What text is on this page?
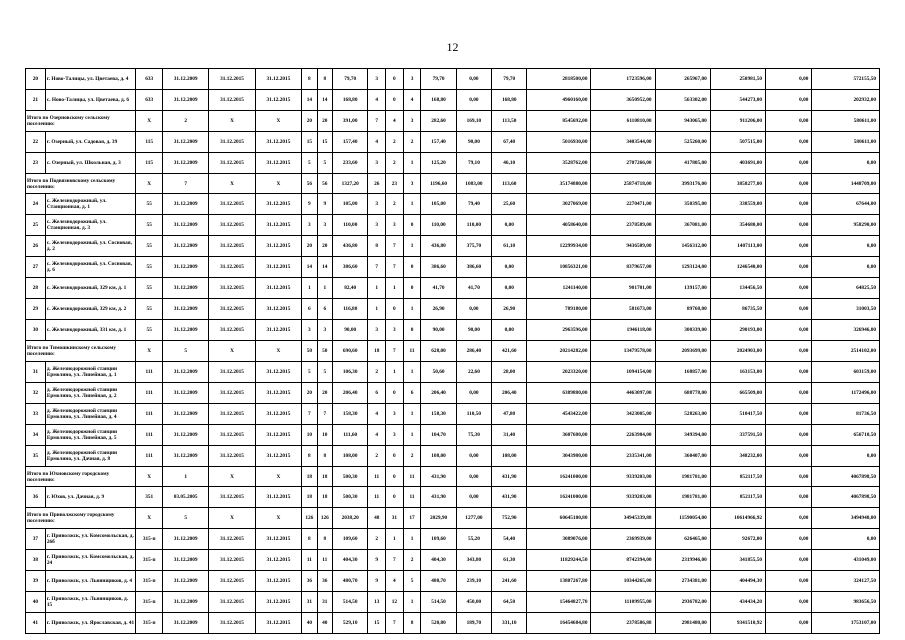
12
20	г. Ново-Талицы, ул. Цветаева, д. 4	633	31.12.2009	31.12.2015	31.12.2015	8	8	79,70	3	0	3	79,70	0,00	79,70	2818500,00	1723596,00	265967,00	250981,50	0,00	572155,50
21	с. Ново-Талицы, ул. Цветаева, д. 6	633	31.12.2009	31.12.2015	31.12.2015	14	14	168,80	4	0	4	168,80	0,00	168,80	4960160,00	3650952,00	563302,00	544273,00	0,00	202932,00
Итого по Озерновскому сельскому поселению:		X	2	X	X	20	20	391,00	7	4	3	282,60	169,10	113,50	8545692,00	6110810,00	943065,00	911206,00	0,00	580611,00
22	г. Озерный, ул. Садовая, д. 39	115	31.12.2009	31.12.2015	31.12.2015	15	15	157,40	4	2	2	157,40	90,00	67,40	5016930,00	3403544,00	525260,00	507515,00	0,00	580611,00
23	с. Озерный, ул. Школьная, д. 3	115	31.12.2009	31.12.2015	31.12.2015	5	5	233,60	3	2	1	125,20	79,10	46,10	3528762,00	2707266,00	417805,00	403691,00	0,00	0,00
Итого по Подвязновскому сельскому поселению:		X	7	X	X	56	56	1327,20	26	23	3	1196,60	1083,00	113,60	35174880,00	25874718,00	3993176,00	3858277,00	0,00	1448709,00
24	с. Железнодорожный, ул. Станционная, д. 1	55	31.12.2009	31.12.2015	31.12.2015	9	9	105,00	3	2	1	105,00	79,40	25,60	3027069,00	2270471,00	350395,00	338559,00	0,00	67644,00
25	с. Железнодорожный, ул. Станционная, д. 3	55	31.12.2009	31.12.2015	31.12.2015	3	3	110,00	3	3	0	110,00	110,00	0,00	4058640,00	2378589,00	367081,00	354680,00	0,00	958290,00
26	с. Железнодорожный, ул. Сосновая, д. 2	55	31.12.2009	31.12.2015	31.12.2015	20	20	436,80	8	7	1	436,80	375,70	61,10	12299934,00	9436509,00	1456312,00	1407113,00	0,00	0,00
27	с. Железнодорожный, ул. Сосновая, д. 6	55	31.12.2009	31.12.2015	31.12.2015	14	14	386,60	7	7	0	386,60	386,60	0,00	10856321,00	8379657,00	1293124,00	1246540,00	0,00	0,00
28	с. Железнодорожный, 329 км, д. 1	55	31.12.2009	31.12.2015	31.12.2015	1	1	82,40	1	1	0	41,70	41,70	0,00	1241140,00	901701,00	139157,00	134456,50	0,00	64825,50
29	с. Железнодорожный, 329 км, д. 2	55	31.12.2009	31.12.2015	31.12.2015	6	6	116,80	1	0	1	26,90	0,00	26,90	789180,00	581673,00	89768,00	86735,50	0,00	31003,50
30	с. Железнодорожный, 331 км, д. 1	55	31.12.2009	31.12.2015	31.12.2015	3	3	90,00	3	3	0	90,00	90,00	0,00	2963596,00	1946118,00	300339,00	290193,00	0,00	326946,00
Итого по Тимошкинскому сельскому поселению:		X	5	X	X	50	50	690,60	18	7	11	628,00	286,40	421,60	20214282,00	13479578,00	2093699,00	2024903,00	0,00	2514102,00
31	д. Железнодорожной станции Ермолино, ул. Линейная, д. 1	111	31.12.2009	31.12.2015	31.12.2015	5	5	106,30	2	1	1	50,60	22,60	28,00	2023320,00	1094154,00	168857,00	163153,00	0,00	603159,00
32	д. Железнодорожной станции Ермолино, ул. Линейная, д. 2	111	31.12.2009	31.12.2015	31.12.2015	20	20	206,40	6	0	6	206,40	0,00	206,40	6389880,00	4463097,00	688778,00	665509,00	0,00	1172496,00
33	д. Железнодорожной станции Ермолино, ул. Линейная, д. 4	111	31.12.2009	31.12.2015	31.12.2015	7	7	158,30	4	3	1	158,30	110,50	47,80	4543422,00	3423005,00	528263,00	510417,50	0,00	81736,50
34	д. Железнодорожной станции Ермолино, ул. Линейная, д. 5	111	31.12.2009	31.12.2015	31.12.2015	10	10	111,60	4	3	1	104,70	75,30	31,40	3607680,00	2263984,00	349394,00	337591,50	0,00	656710,50
35	д. Железнодорожной станции Ермолино, ул. Дачная, д. 8	111	31.12.2009	31.12.2015	31.12.2015	8	8	108,00	2	0	2	108,00	0,00	108,00	3043980,00	2335341,00	360407,00	348232,00	0,00	0,00
Итого по Юхновскому городскому поселению:		X	1	X	X	18	18	500,30	11	0	11	431,90	0,00	431,90	16241000,00	9339203,00	1981781,00	852117,50	0,00	4067898,50
36	г. Юхов, ул. Дачная, д. 9	351	03.05.2005	31.12.2015	31.12.2015	18	18	500,30	11	0	11	431,90	0,00	431,90	16241000,00	9339203,00	1981781,00	852117,50	0,00	4067898,50
Итого по Приволжскому городскому поселению:		X	5	X	X	126	126	2038,20	48	31	17	2029,90	1277,00	752,90	60645100,80	34945339,88	11590054,00	10614966,92	0,00	3494940,00
37	г. Приволжск, ул. Комсомольская, д. 26б	315-п	31.12.2009	31.12.2015	31.12.2015	8	8	109,60	2	1	1	109,60	55,20	54,40	3089076,00	2369939,00	626465,00	92672,00	0,00	0,00
38	г. Приволжск, ул. Комсомольская, д. 24	315-п	31.12.2009	31.12.2015	31.12.2015	11	11	404,30	9	7	2	404,30	343,80	61,30	11829244,50	8742394,00	2319946,00	341855,50	0,00	431049,00
39	г. Приволжск, ул. Льнянщиков, д. 4	315-п	31.12.2009	31.12.2015	31.12.2015	36	36	480,70	9	4	5	480,70	239,10	241,60	13807267,80	10344265,00	2734381,00	404494,30	0,00	324127,50
40	г. Приволжск, ул. Льнянщиков, д. 15	315-п	31.12.2009	31.12.2015	31.12.2015	31	31	514,50	13	12	1	514,50	450,00	64,50	15464827,70	11109955,00	2936782,00	434434,20	0,00	983656,50
41	г. Приволжск, ул. Ярославская, д. 41	315-п	31.12.2009	31.12.2015	31.12.2015	40	40	529,10	15	7	8	520,80	189,70	331,10	16454684,80	2378586,88	2981480,00	9341510,92	0,00	1753107,00
